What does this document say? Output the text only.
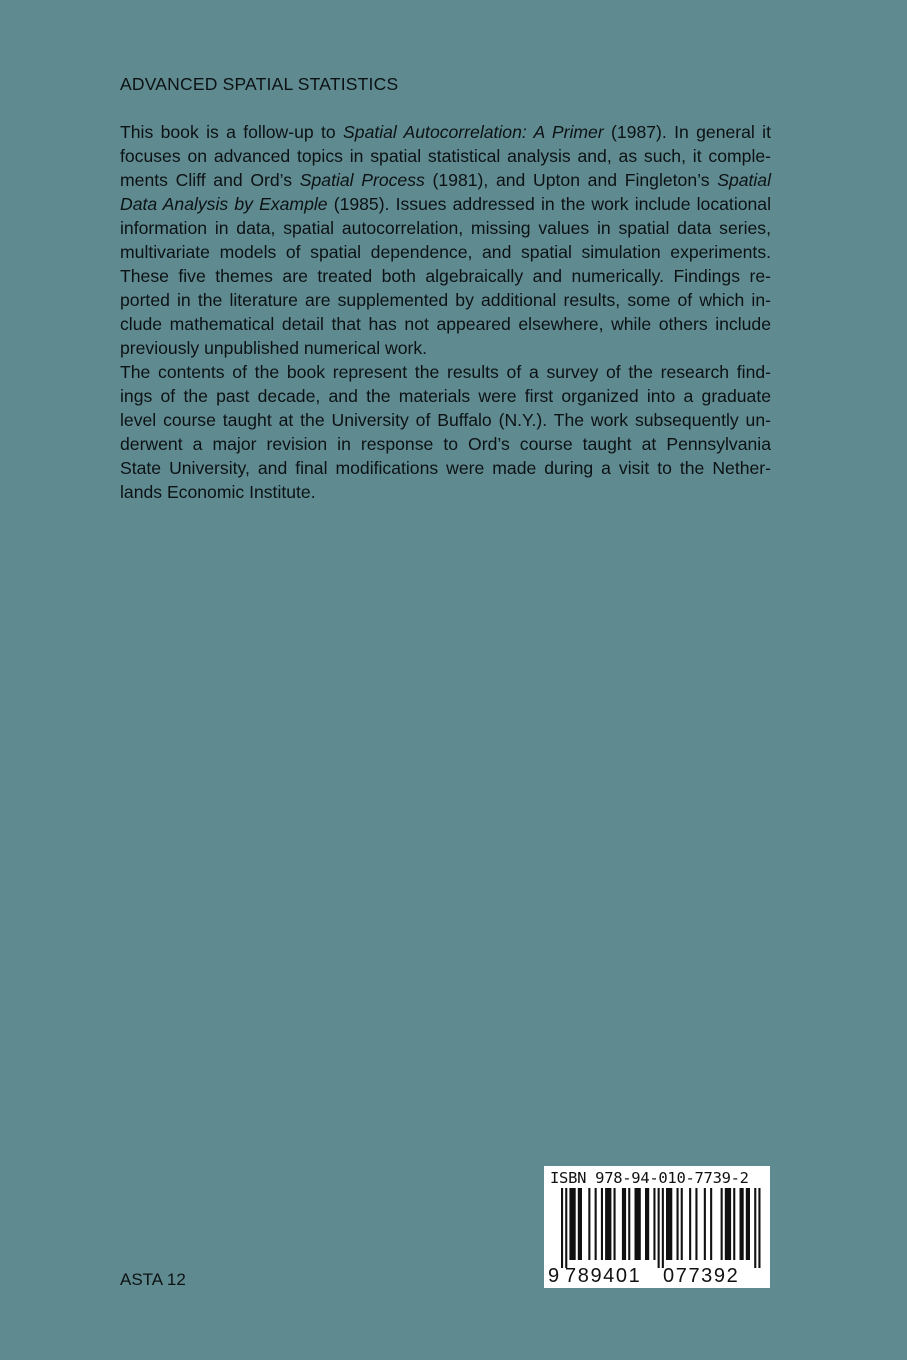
ADVANCED SPATIAL STATISTICS
This book is a follow-up to Spatial Autocorrelation: A Primer (1987). In general it
focuses on advanced topics in spatial statistical analysis and, as such, it comple-
ments Cliff and Ord’s Spatial Process (1981), and Upton and Fingleton’s Spatial
Data Analysis by Example (1985). Issues addressed in the work include locational
information in data, spatial autocorrelation, missing values in spatial data series,
multivariate models of spatial dependence, and spatial simulation experiments.
These five themes are treated both algebraically and numerically. Findings re-
ported in the literature are supplemented by additional results, some of which in-
clude mathematical detail that has not appeared elsewhere, while others include
previously unpublished numerical work.
The contents of the book represent the results of a survey of the research find-
ings of the past decade, and the materials were first organized into a graduate
level course taught at the University of Buffalo (N.Y.). The work subsequently un-
derwent a major revision in response to Ord’s course taught at Pennsylvania
State University, and final modifications were made during a visit to the Nether-
lands Economic Institute.
ASTA 12
ISBN 978-94-010-7739-2
9 789401 077392
